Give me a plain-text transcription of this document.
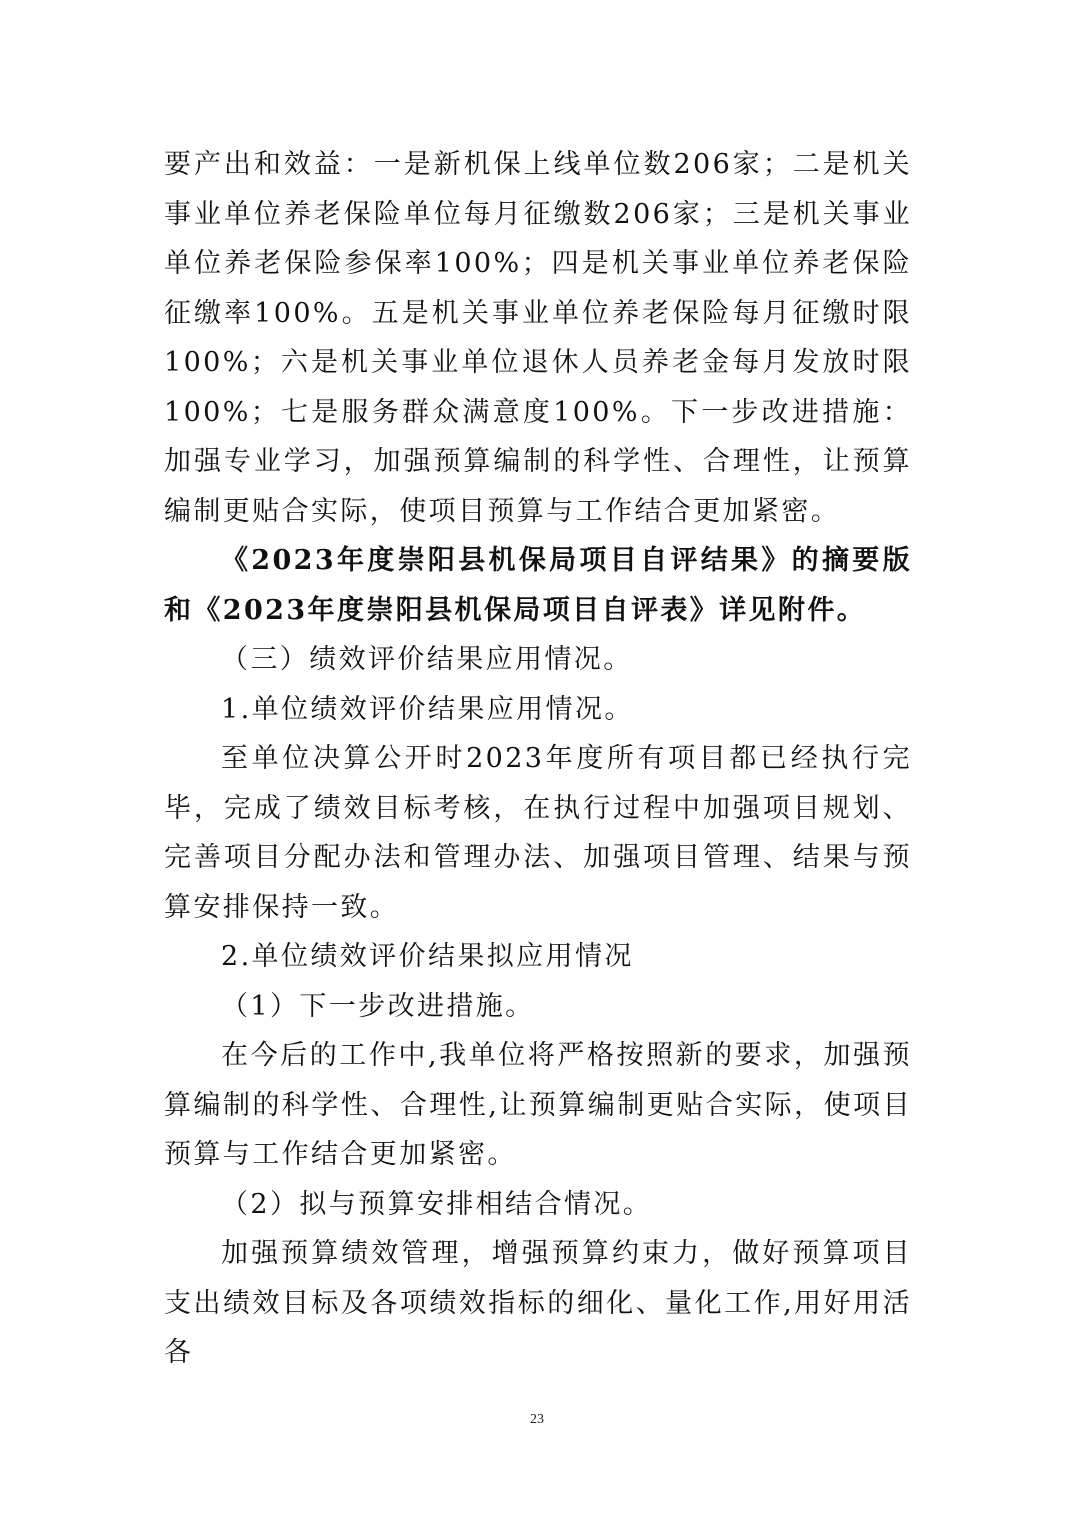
要产出和效益：一是新机保上线单位数206家；二是机关事业单位养老保险单位每月征缴数206家；三是机关事业单位养老保险参保率100%；四是机关事业单位养老保险征缴率100%。五是机关事业单位养老保险每月征缴时限100%；六是机关事业单位退休人员养老金每月发放时限100%；七是服务群众满意度100%。下一步改进措施：加强专业学习，加强预算编制的科学性、合理性，让预算编制更贴合实际，使项目预算与工作结合更加紧密。

《2023年度崇阳县机保局项目自评结果》的摘要版和《2023年度崇阳县机保局项目自评表》详见附件。

（三）绩效评价结果应用情况。

1.单位绩效评价结果应用情况。

至单位决算公开时2023年度所有项目都已经执行完毕，完成了绩效目标考核，在执行过程中加强项目规划、完善项目分配办法和管理办法、加强项目管理、结果与预算安排保持一致。

2.单位绩效评价结果拟应用情况

（1）下一步改进措施。

在今后的工作中,我单位将严格按照新的要求，加强预算编制的科学性、合理性,让预算编制更贴合实际，使项目预算与工作结合更加紧密。

（2）拟与预算安排相结合情况。

加强预算绩效管理，增强预算约束力，做好预算项目支出绩效目标及各项绩效指标的细化、量化工作,用好用活各

23
